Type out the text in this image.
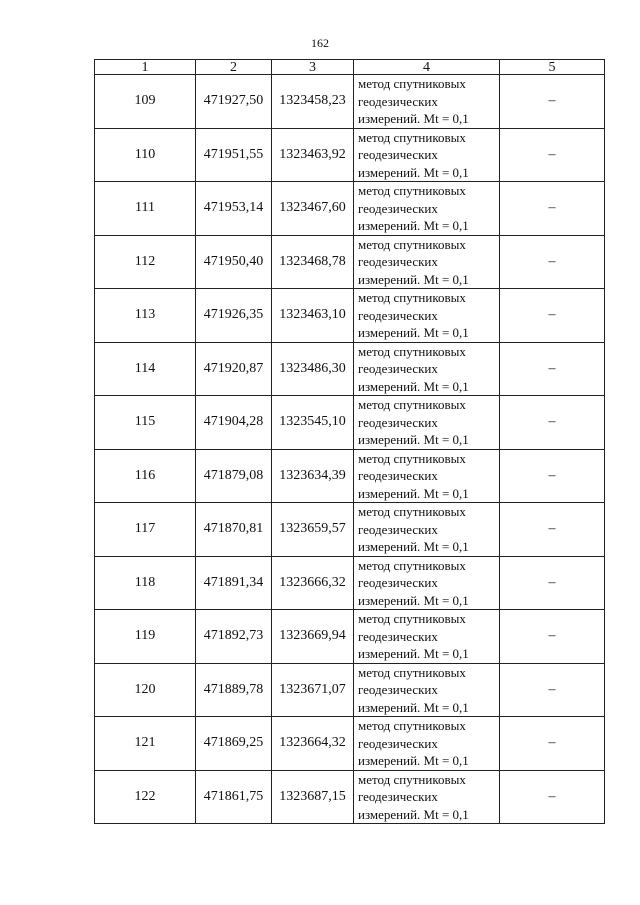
162
1	2	3	4	5
109	471927,50	1323458,23	метод спутниковых
геодезических
измерений. Mt = 0,1	–
110	471951,55	1323463,92	метод спутниковых
геодезических
измерений. Mt = 0,1	–
111	471953,14	1323467,60	метод спутниковых
геодезических
измерений. Mt = 0,1	–
112	471950,40	1323468,78	метод спутниковых
геодезических
измерений. Mt = 0,1	–
113	471926,35	1323463,10	метод спутниковых
геодезических
измерений. Mt = 0,1	–
114	471920,87	1323486,30	метод спутниковых
геодезических
измерений. Mt = 0,1	–
115	471904,28	1323545,10	метод спутниковых
геодезических
измерений. Mt = 0,1	–
116	471879,08	1323634,39	метод спутниковых
геодезических
измерений. Mt = 0,1	–
117	471870,81	1323659,57	метод спутниковых
геодезических
измерений. Mt = 0,1	–
118	471891,34	1323666,32	метод спутниковых
геодезических
измерений. Mt = 0,1	–
119	471892,73	1323669,94	метод спутниковых
геодезических
измерений. Mt = 0,1	–
120	471889,78	1323671,07	метод спутниковых
геодезических
измерений. Mt = 0,1	–
121	471869,25	1323664,32	метод спутниковых
геодезических
измерений. Mt = 0,1	–
122	471861,75	1323687,15	метод спутниковых
геодезических
измерений. Mt = 0,1	–
